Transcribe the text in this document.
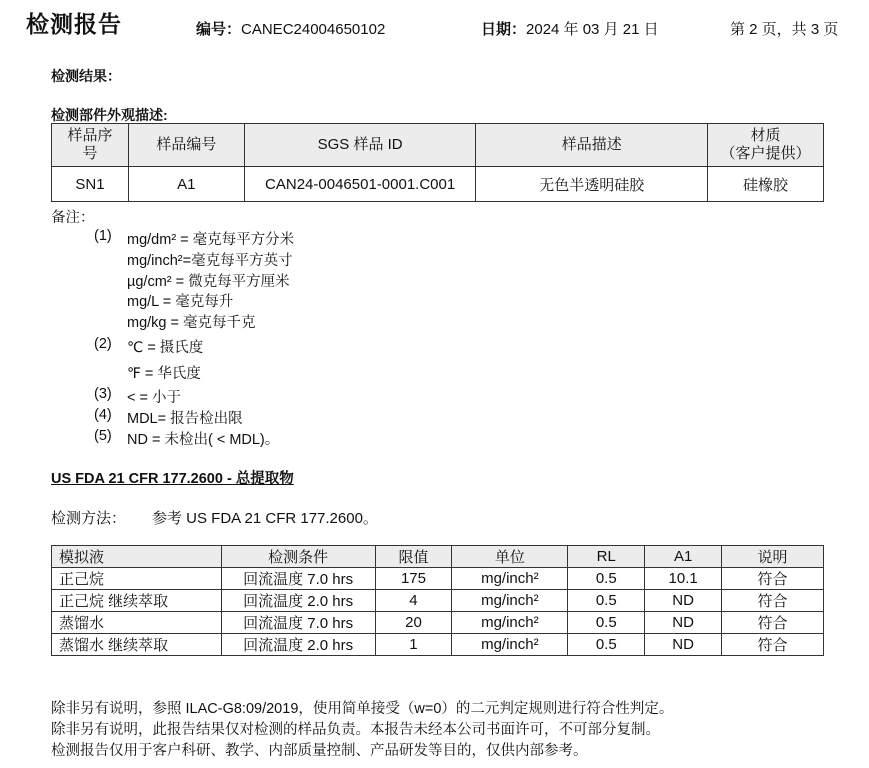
检测报告	编号：CANEC24004650102	日期：2024 年 03 月 21 日	第 2 页，共 3 页
检测结果：
检测部件外观描述:
样品序
号	样品编号	SGS 样品 ID	样品描述	材质
（客户提供）
SN1	A1	CAN24-0046501-0001.C001	无色半透明硅胶	硅橡胶
备注：
(1) mg/dm² = 毫克每平方分米
mg/inch²=毫克每平方英寸
µg/cm² = 微克每平方厘米
mg/L = 毫克每升
mg/kg = 毫克每千克
(2) ℃ = 摄氏度
℉ = 华氏度
(3) < = 小于
(4) MDL= 报告检出限
(5) ND = 未检出( < MDL)。
US FDA 21 CFR 177.2600 - 总提取物
检测方法： 参考 US FDA 21 CFR 177.2600。
模拟液	检测条件	限值	单位	RL	A1	说明
正己烷	回流温度 7.0 hrs	175	mg/inch²	0.5	10.1	符合
正己烷 继续萃取	回流温度 2.0 hrs	4	mg/inch²	0.5	ND	符合
蒸馏水	回流温度 7.0 hrs	20	mg/inch²	0.5	ND	符合
蒸馏水 继续萃取	回流温度 2.0 hrs	1	mg/inch²	0.5	ND	符合
除非另有说明，参照 ILAC-G8:09/2019，使用简单接受（w=0）的二元判定规则进行符合性判定。
除非另有说明，此报告结果仅对检测的样品负责。本报告未经本公司书面许可，不可部分复制。
检测报告仅用于客户科研、教学、内部质量控制、产品研发等目的，仅供内部参考。
